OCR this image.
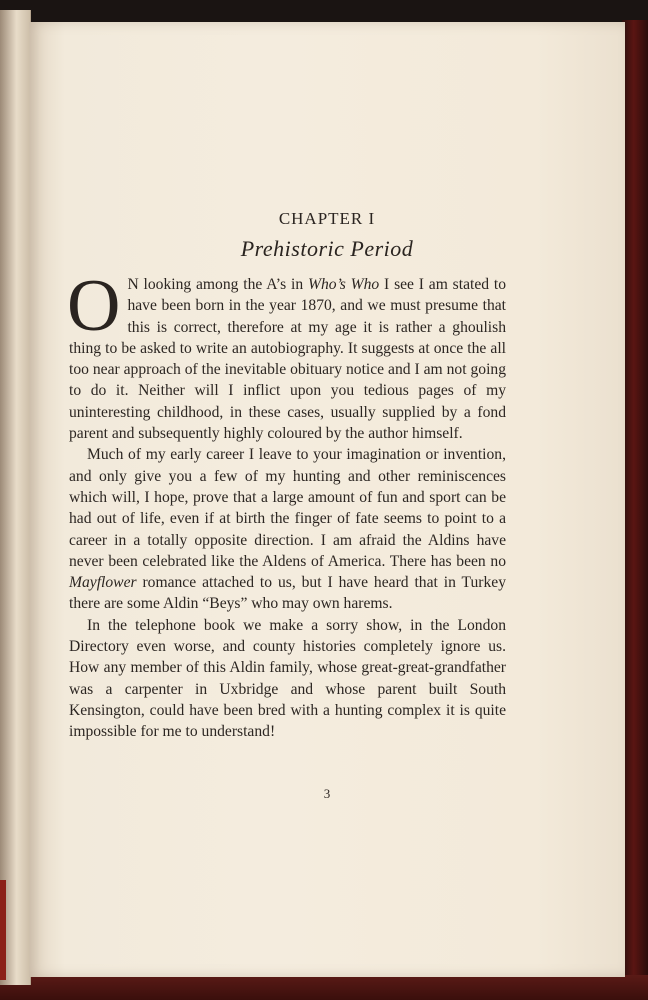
CHAPTER I
Prehistoric Period

O N looking among the A’s in Who’s Who I see I am stated to have been born in the year 1870, and we must presume that this is correct, therefore at my age it is rather a ghoulish thing to be asked to write an autobiography. It suggests at once the all too near approach of the inevitable obituary notice and I am not going to do it. Neither will I inflict upon you tedious pages of my uninteresting childhood, in these cases, usually supplied by a fond parent and subsequently highly coloured by the author himself.

Much of my early career I leave to your imagination or invention, and only give you a few of my hunting and other reminiscences which will, I hope, prove that a large amount of fun and sport can be had out of life, even if at birth the finger of fate seems to point to a career in a totally opposite direction. I am afraid the Aldins have never been celebrated like the Aldens of America. There has been no Mayflower romance attached to us, but I have heard that in Turkey there are some Aldin “Beys” who may own harems.

In the telephone book we make a sorry show, in the London Directory even worse, and county histories completely ignore us. How any member of this Aldin family, whose great-great-grandfather was a carpenter in Uxbridge and whose parent built South Kensington, could have been bred with a hunting complex it is quite impossible for me to understand!

3
